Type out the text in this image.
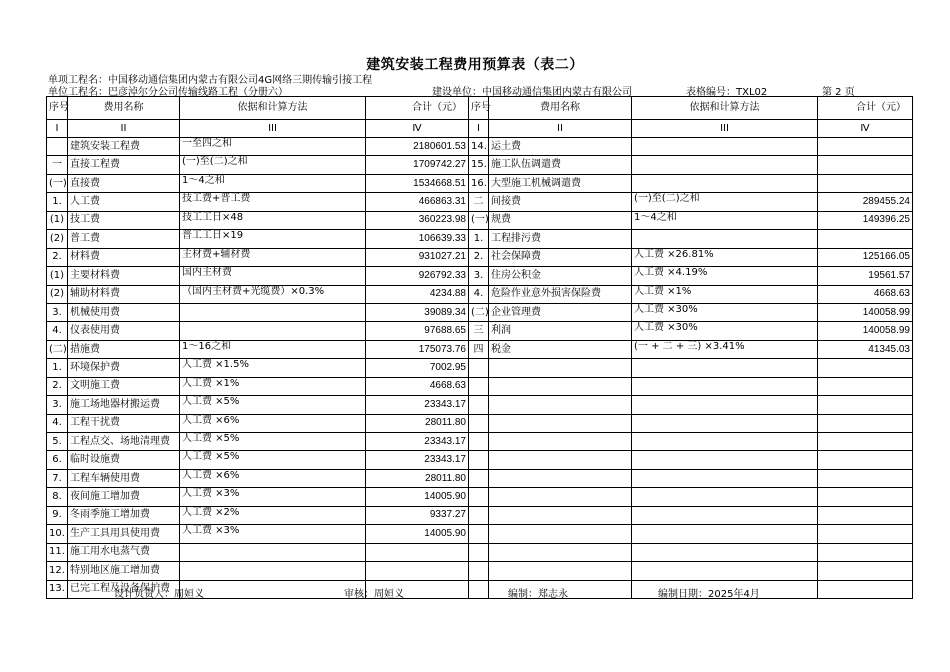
建筑安装工程费用预算表（表二）
单项工程名：中国移动通信集团内蒙古有限公司4G网络三期传输引接工程
单位工程名：巴彦淖尔分公司传输线路工程（分册六）	建设单位：中国移动通信集团内蒙古有限公司	表格编号：TXL02	第 2 页
序号	费用名称	依据和计算方法	合计（元）	序号	费用名称	依据和计算方法	合计（元）
I	II	III	Ⅳ	I	II	III	Ⅳ
	建筑安装工程费	一至四之和	2180601.53	14.	运土费		
一	直接工程费	(一)至(二)之和	1709742.27	15.	施工队伍调遣费		
(一)	直接费	1～4之和	1534668.51	16.	大型施工机械调遣费		
1.	人工费	技工费+普工费	466863.31	二	间接费	(一)至(二)之和	289455.24
(1)	技工费	技工工日×48	360223.98	(一)	规费	1～4之和	149396.25
(2)	普工费	普工工日×19	106639.33	1.	工程排污费		
2.	材料费	主材费+辅材费	931027.21	2.	社会保障费	人工费 ×26.81%	125166.05
(1)	主要材料费	国内主材费	926792.33	3.	住房公积金	人工费 ×4.19%	19561.57
(2)	辅助材料费	（国内主材费+光缆费）×0.3%	4234.88	4.	危险作业意外损害保险费	人工费 ×1%	4668.63
3.	机械使用费		39089.34	(二)	企业管理费	人工费 ×30%	140058.99
4.	仪表使用费		97688.65	三	利润	人工费 ×30%	140058.99
(二)	措施费	1～16之和	175073.76	四	税金	(一 + 二 + 三) ×3.41%	41345.03
1.	环境保护费	人工费 ×1.5%	7002.95				
2.	文明施工费	人工费 ×1%	4668.63				
3.	施工场地器材搬运费	人工费 ×5%	23343.17				
4.	工程干扰费	人工费 ×6%	28011.80				
5.	工程点交、场地清理费	人工费 ×5%	23343.17				
6.	临时设施费	人工费 ×5%	23343.17				
7.	工程车辆使用费	人工费 ×6%	28011.80				
8.	夜间施工增加费	人工费 ×3%	14005.90				
9.	冬雨季施工增加费	人工费 ×2%	9337.27				
10.	生产工具用具使用费	人工费 ×3%	14005.90				
11.	施工用水电蒸气费						
12.	特别地区施工增加费						
13.	已完工程及设备保护费						
设计负责人：周姮义	审核：周姮义	编制：郑志永	编制日期：2025年4月
